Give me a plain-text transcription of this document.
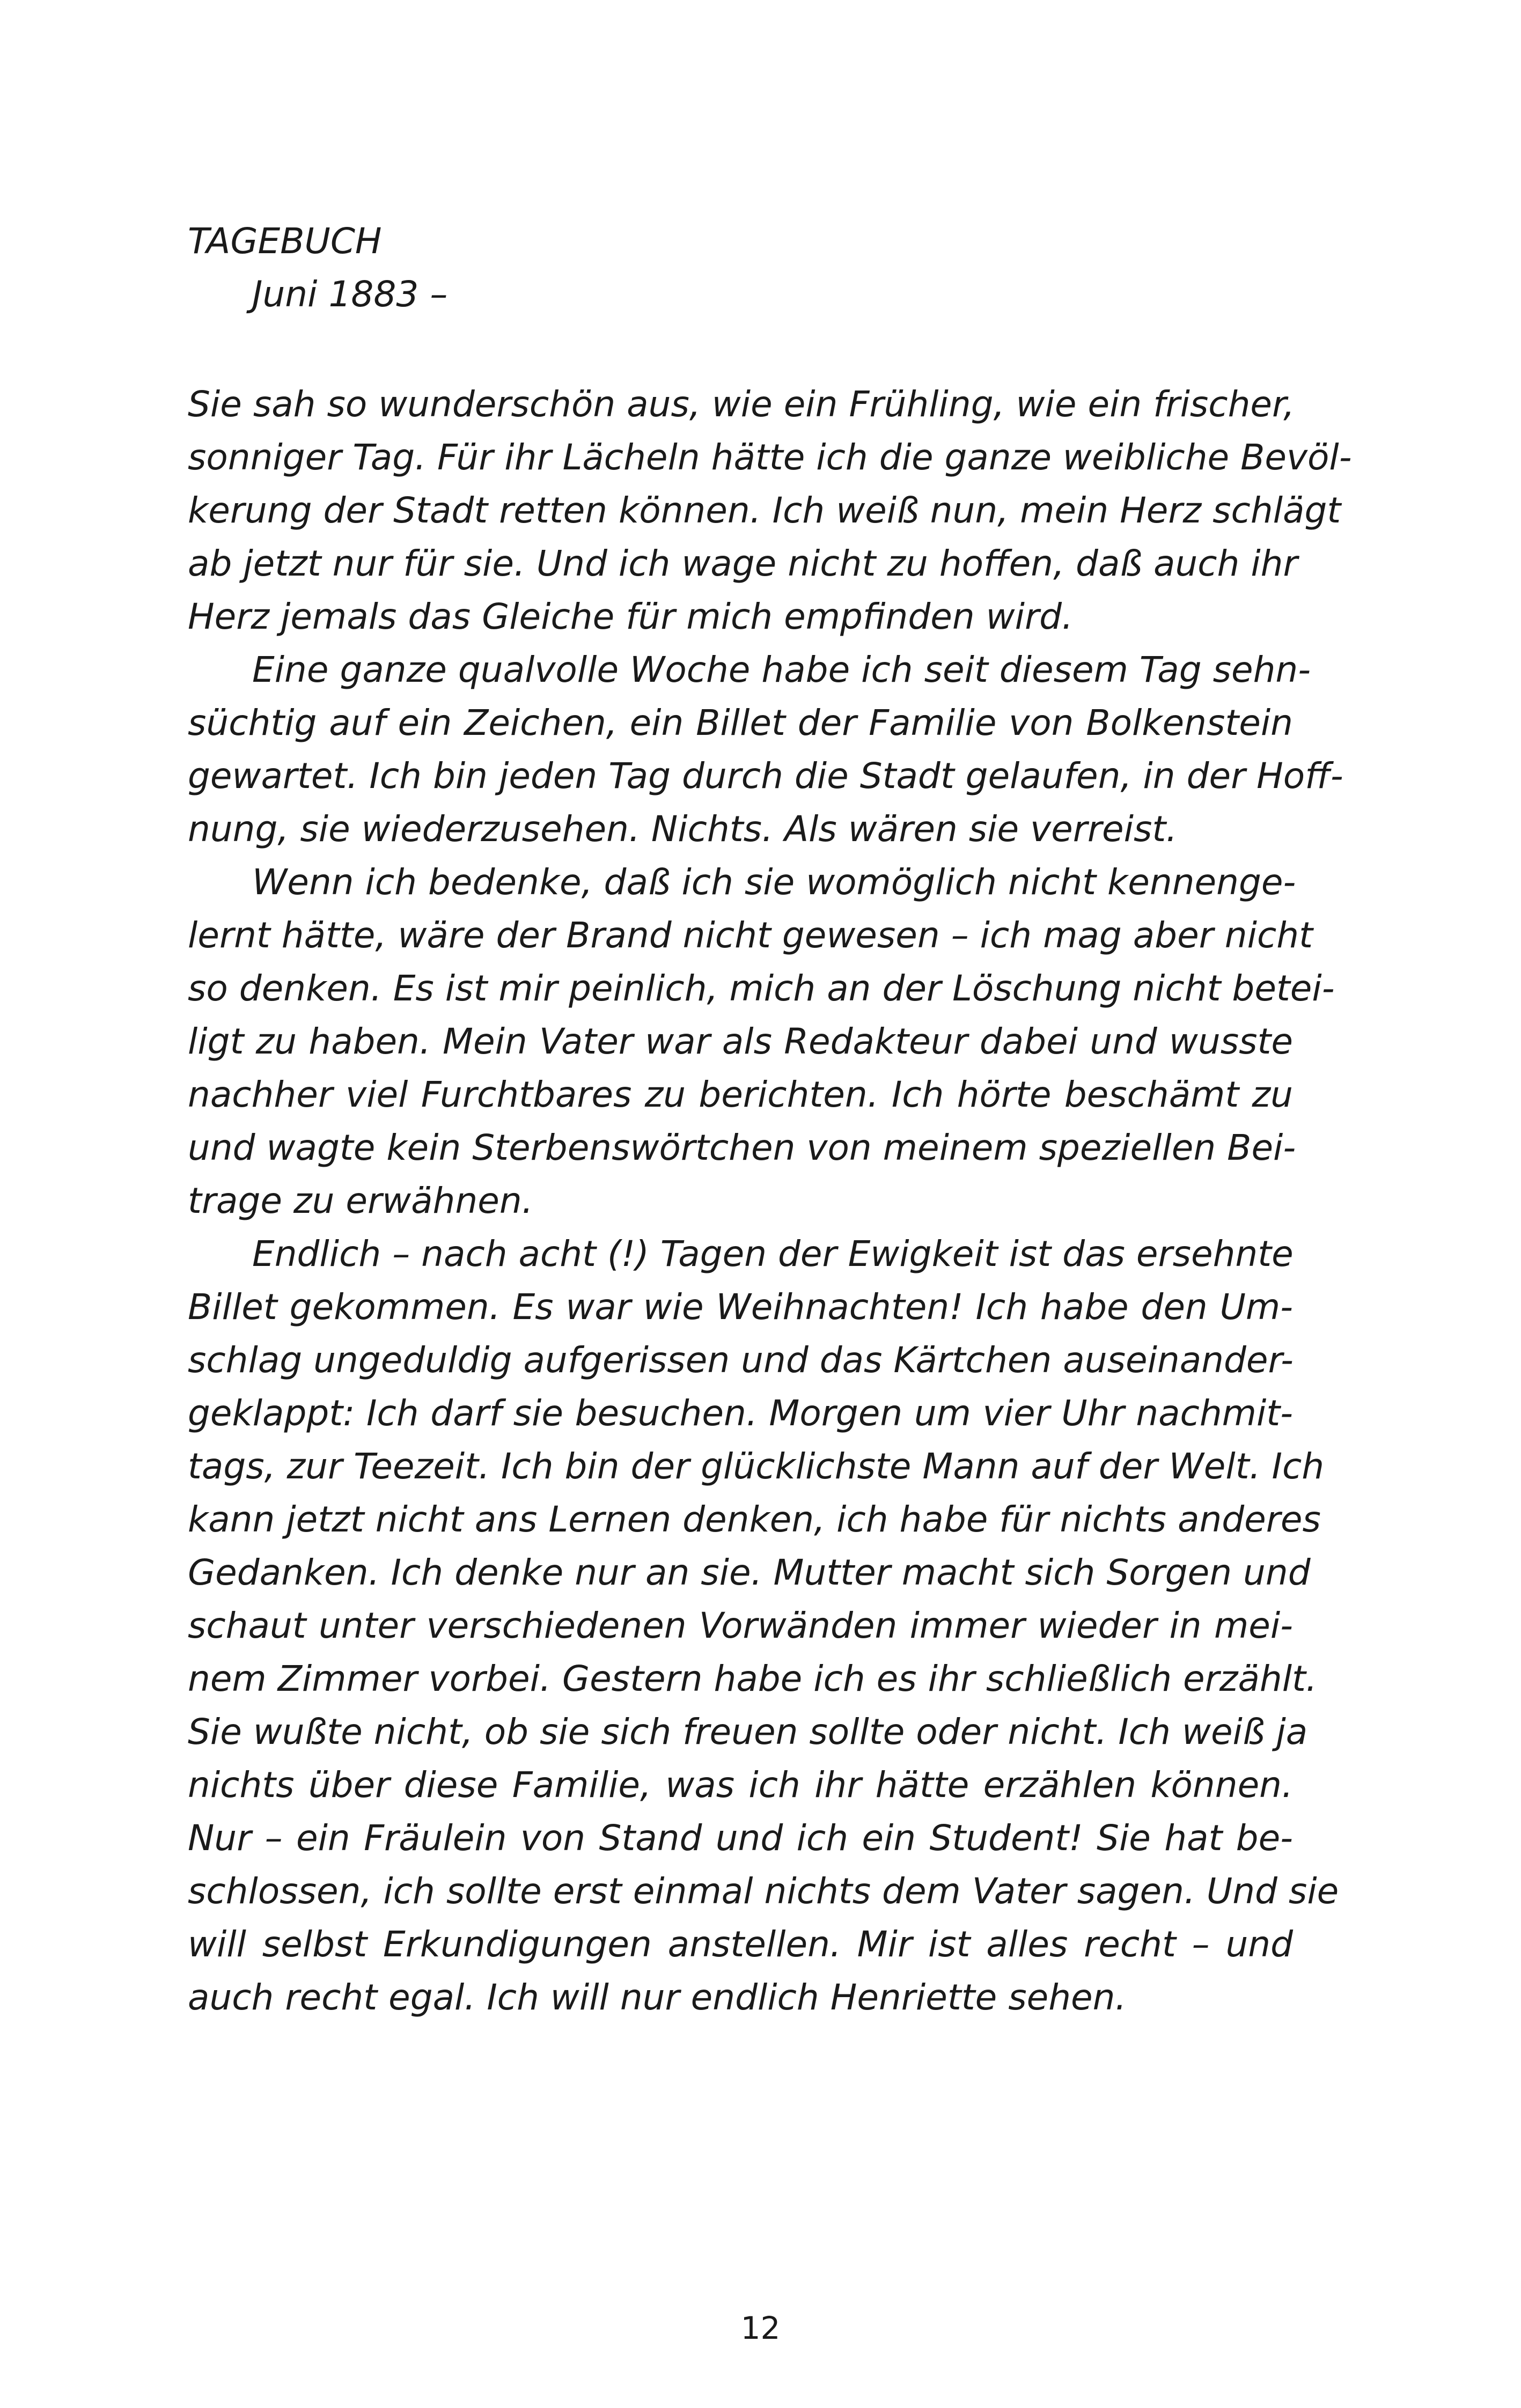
TAGEBUCH
Juni 1883 –
Sie sah so wunderschön aus, wie ein Frühling, wie ein frischer,
sonniger Tag. Für ihr Lächeln hätte ich die ganze weibliche Bevöl-
kerung der Stadt retten können. Ich weiß nun, mein Herz schlägt
ab jetzt nur für sie. Und ich wage nicht zu hoffen, daß auch ihr
Herz jemals das Gleiche für mich empfinden wird.
Eine ganze qualvolle Woche habe ich seit diesem Tag sehn-
süchtig auf ein Zeichen, ein Billet der Familie von Bolkenstein
gewartet. Ich bin jeden Tag durch die Stadt gelaufen, in der Hoff-
nung, sie wiederzusehen. Nichts. Als wären sie verreist.
Wenn ich bedenke, daß ich sie womöglich nicht kennenge-
lernt hätte, wäre der Brand nicht gewesen – ich mag aber nicht
so denken. Es ist mir peinlich, mich an der Löschung nicht betei-
ligt zu haben. Mein Vater war als Redakteur dabei und wusste
nachher viel Furchtbares zu berichten. Ich hörte beschämt zu
und wagte kein Sterbenswörtchen von meinem speziellen Bei-
trage zu erwähnen.
Endlich – nach acht (!) Tagen der Ewigkeit ist das ersehnte
Billet gekommen. Es war wie Weihnachten! Ich habe den Um-
schlag ungeduldig aufgerissen und das Kärtchen auseinander-
geklappt: Ich darf sie besuchen. Morgen um vier Uhr nachmit-
tags, zur Teezeit. Ich bin der glücklichste Mann auf der Welt. Ich
kann jetzt nicht ans Lernen denken, ich habe für nichts anderes
Gedanken. Ich denke nur an sie. Mutter macht sich Sorgen und
schaut unter verschiedenen Vorwänden immer wieder in mei-
nem Zimmer vorbei. Gestern habe ich es ihr schließlich erzählt.
Sie wußte nicht, ob sie sich freuen sollte oder nicht. Ich weiß ja
nichts über diese Familie, was ich ihr hätte erzählen können.
Nur – ein Fräulein von Stand und ich ein Student! Sie hat be-
schlossen, ich sollte erst einmal nichts dem Vater sagen. Und sie
will selbst Erkundigungen anstellen. Mir ist alles recht – und
auch recht egal. Ich will nur endlich Henriette sehen.
12
